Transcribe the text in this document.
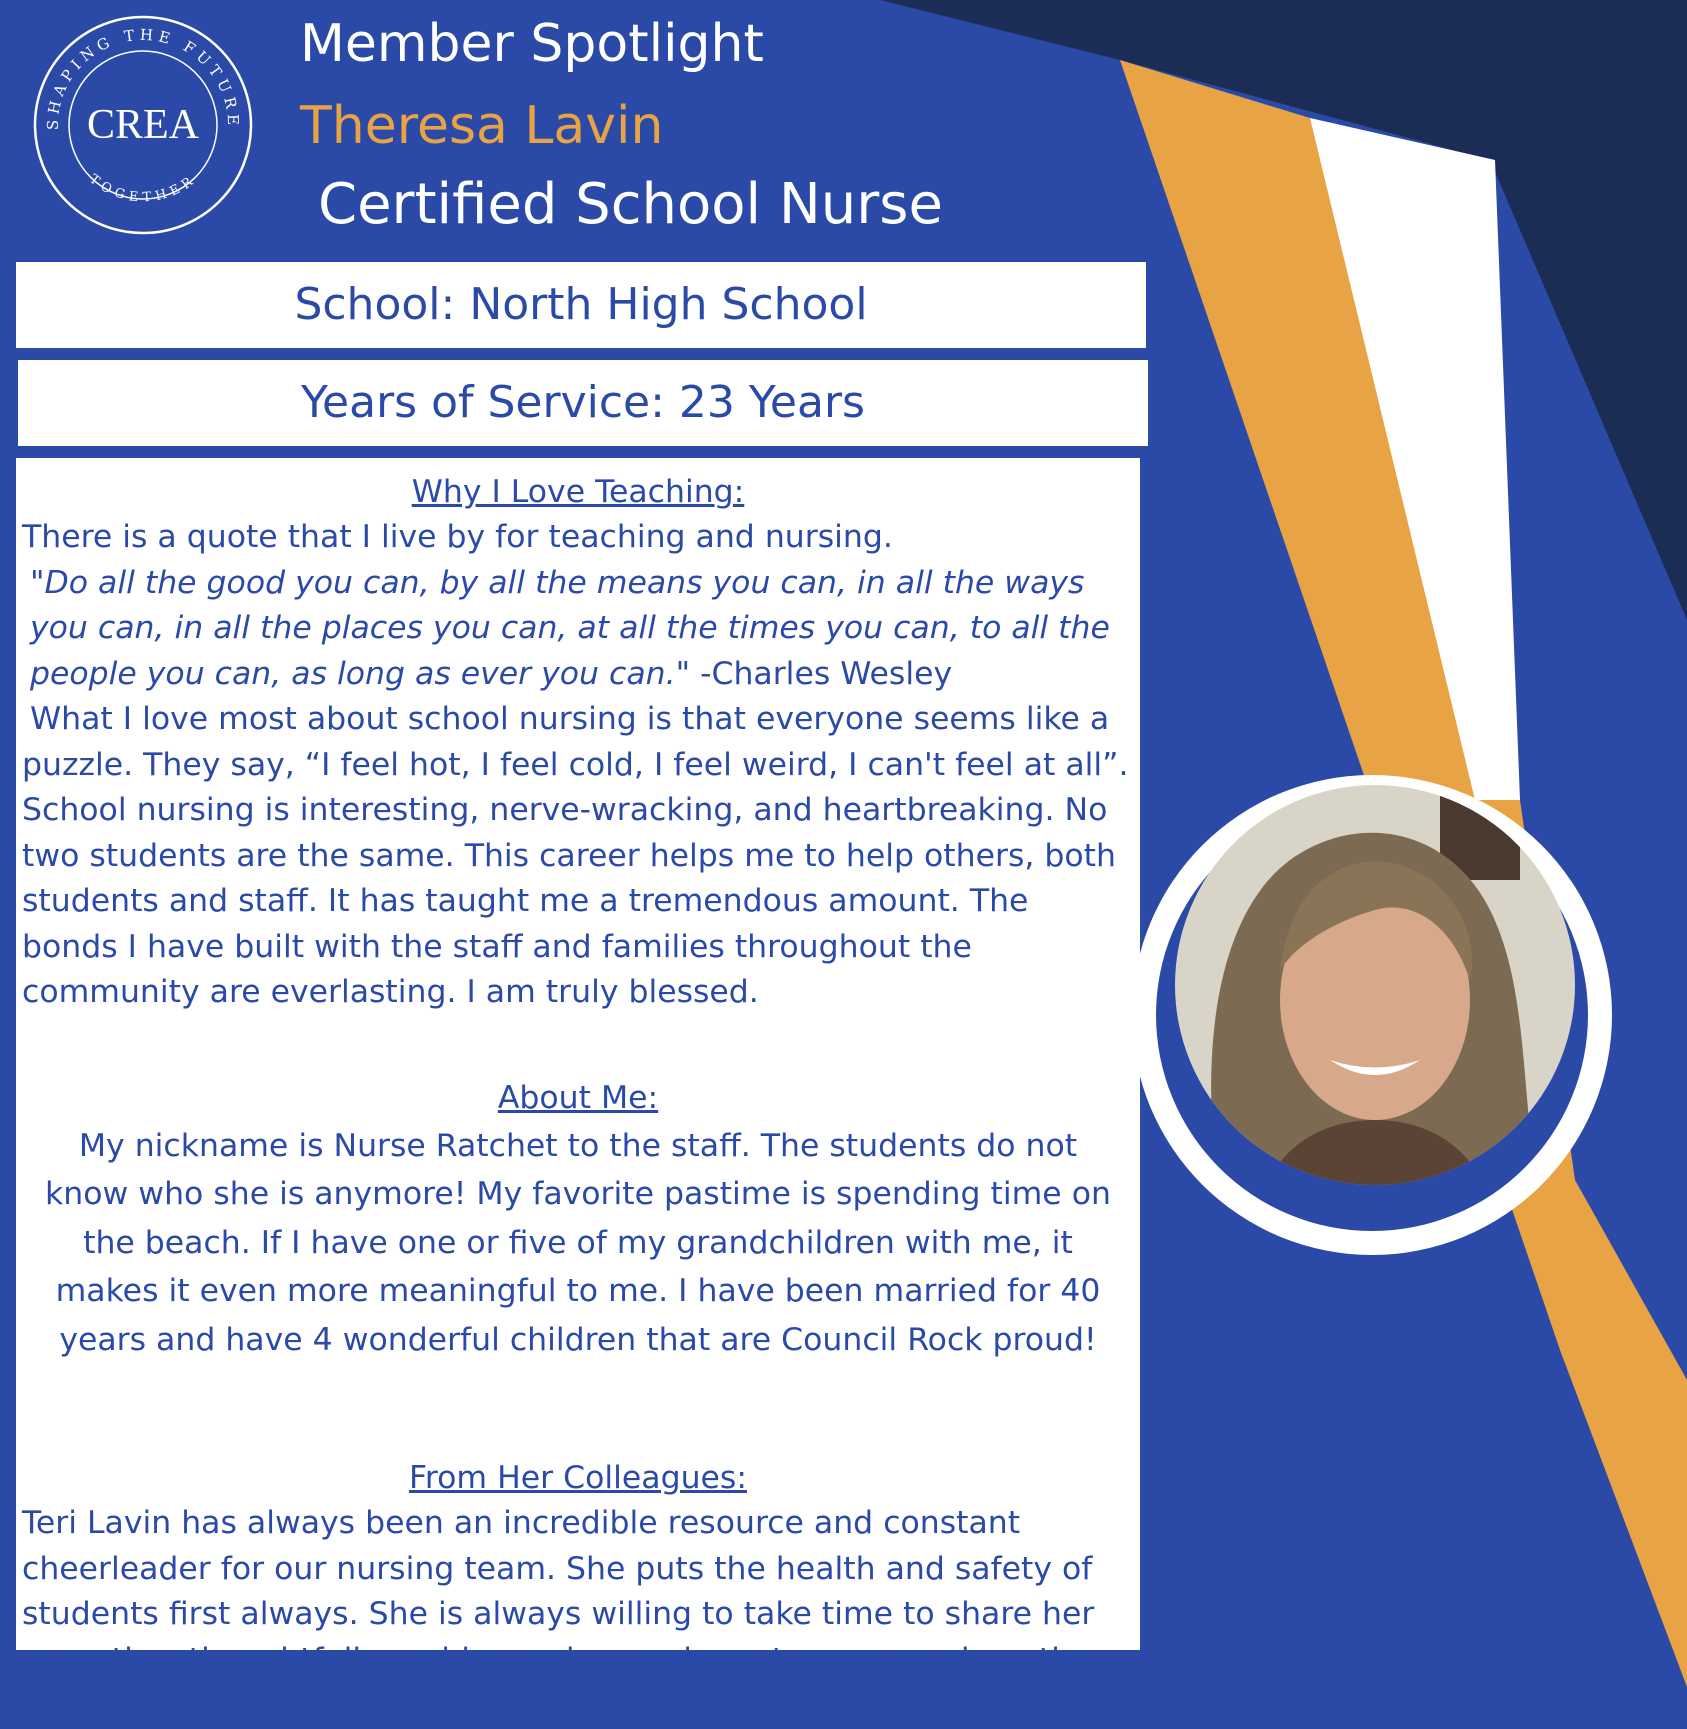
SHAPING THE FUTURE
CREA
TOGETHER
Member Spotlight
Theresa Lavin
Certified School Nurse
School: North High School
Years of Service: 23 Years

Why I Love Teaching:

There is a quote that I live by for teaching and nursing.

"Do all the good you can, by all the means you can, in all the ways you can, in all the places you can, at all the times you can, to all the people you can, as long as ever you can." -Charles Wesley

What I love most about school nursing is that everyone seems like a puzzle. They say, “I feel hot, I feel cold, I feel weird, I can't feel at all”. School nursing is interesting, nerve-wracking, and heartbreaking. No two students are the same. This career helps me to help others, both students and staff. It has taught me a tremendous amount. The bonds I have built with the staff and families throughout the community are everlasting. I am truly blessed.

About Me:

My nickname is Nurse Ratchet to the staff. The students do not know who she is anymore! My favorite pastime is spending time on the beach. If I have one or five of my grandchildren with me, it makes it even more meaningful to me. I have been married for 40 years and have 4 wonderful children that are Council Rock proud!

From Her Colleagues:

Teri Lavin has always been an incredible resource and constant cheerleader for our nursing team. She puts the health and safety of students first always. She is always willing to take time to share her expertise, thoughtfully problem solve, and mentor nurses along the way.
